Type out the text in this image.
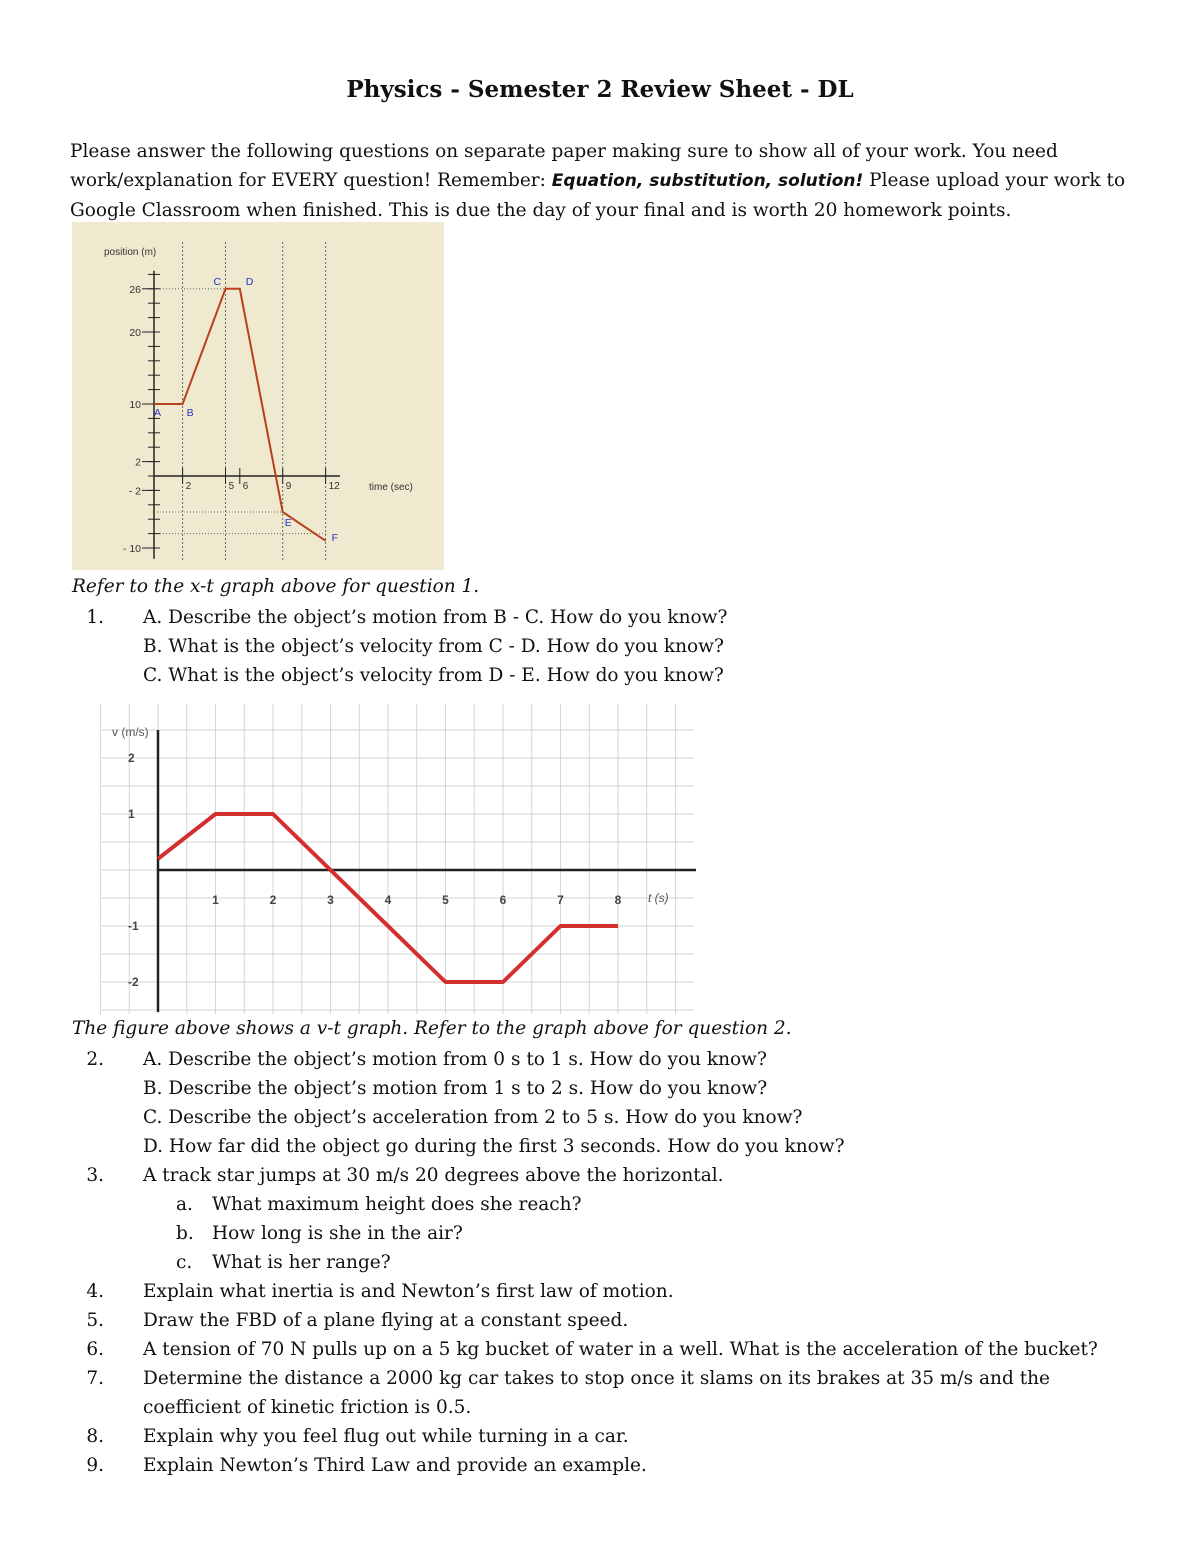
Physics - Semester 2 Review Sheet - DL
Please answer the following questions on separate paper making sure to show all of your work. You need work/explanation for EVERY question! Remember: Equation, substitution, solution! Please upload your work to Google Classroom when finished. This is due the day of your final and is worth 20 homework points.
position (m)
time (sec)
26
20
10
2
- 2
- 10
2	5 6	9	12
A B
C D
E
F
Refer to the x-t graph above for question 1.
1. A. Describe the object’s motion from B - C. How do you know?
B. What is the object’s velocity from C - D. How do you know?
C. What is the object’s velocity from D - E. How do you know?
1	2	3	4	5	6	7	8
2
1
-1
-2
v (m/s)
t (s)
The figure above shows a v-t graph. Refer to the graph above for question 2.
2. A. Describe the object’s motion from 0 s to 1 s. How do you know?
B. Describe the object’s motion from 1 s to 2 s. How do you know?
C. Describe the object’s acceleration from 2 to 5 s. How do you know?
D. How far did the object go during the first 3 seconds. How do you know?
3. A track star jumps at 30 m/s 20 degrees above the horizontal.
a. What maximum height does she reach?
b. How long is she in the air?
c. What is her range?
4. Explain what inertia is and Newton’s first law of motion.
5. Draw the FBD of a plane flying at a constant speed.
6. A tension of 70 N pulls up on a 5 kg bucket of water in a well. What is the acceleration of the bucket?
7. Determine the distance a 2000 kg car takes to stop once it slams on its brakes at 35 m/s and the
coefficient of kinetic friction is 0.5.
8. Explain why you feel flug out while turning in a car.
9. Explain Newton’s Third Law and provide an example.
